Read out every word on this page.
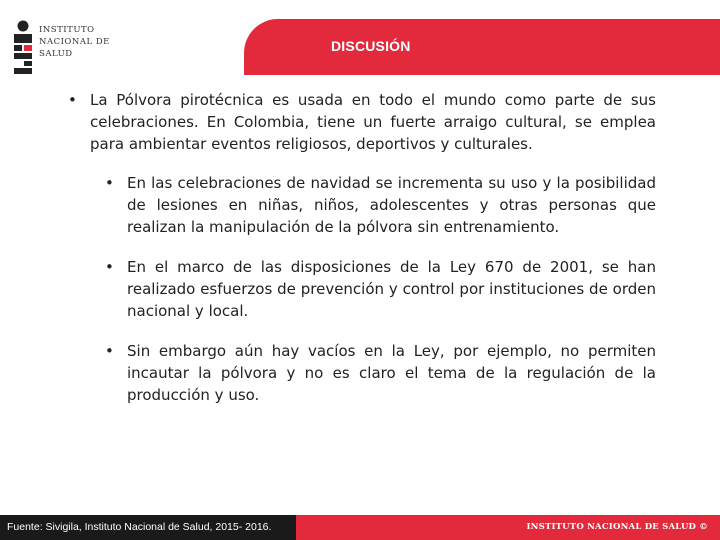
INSTITUTO
NACIONAL DE
SALUD	DISCUSIÓN
• La Pólvora pirotécnica es usada en todo el mundo como parte de sus celebraciones. En Colombia, tiene un fuerte arraigo cultural, se emplea para ambientar eventos religiosos, deportivos y culturales.
• En las celebraciones de navidad se incrementa su uso y la posibilidad de lesiones en niñas, niños, adolescentes y otras personas que realizan la manipulación de la pólvora sin entrenamiento.
• En el marco de las disposiciones de la Ley 670 de 2001, se han realizado esfuerzos de prevención y control por instituciones de orden nacional y local.
• Sin embargo aún hay vacíos en la Ley, por ejemplo, no permiten incautar la pólvora y no es claro el tema de la regulación de la producción y uso.
Fuente: Sivigila, Instituto Nacional de Salud, 2015- 2016.	INSTITUTO NACIONAL DE SALUD ©
